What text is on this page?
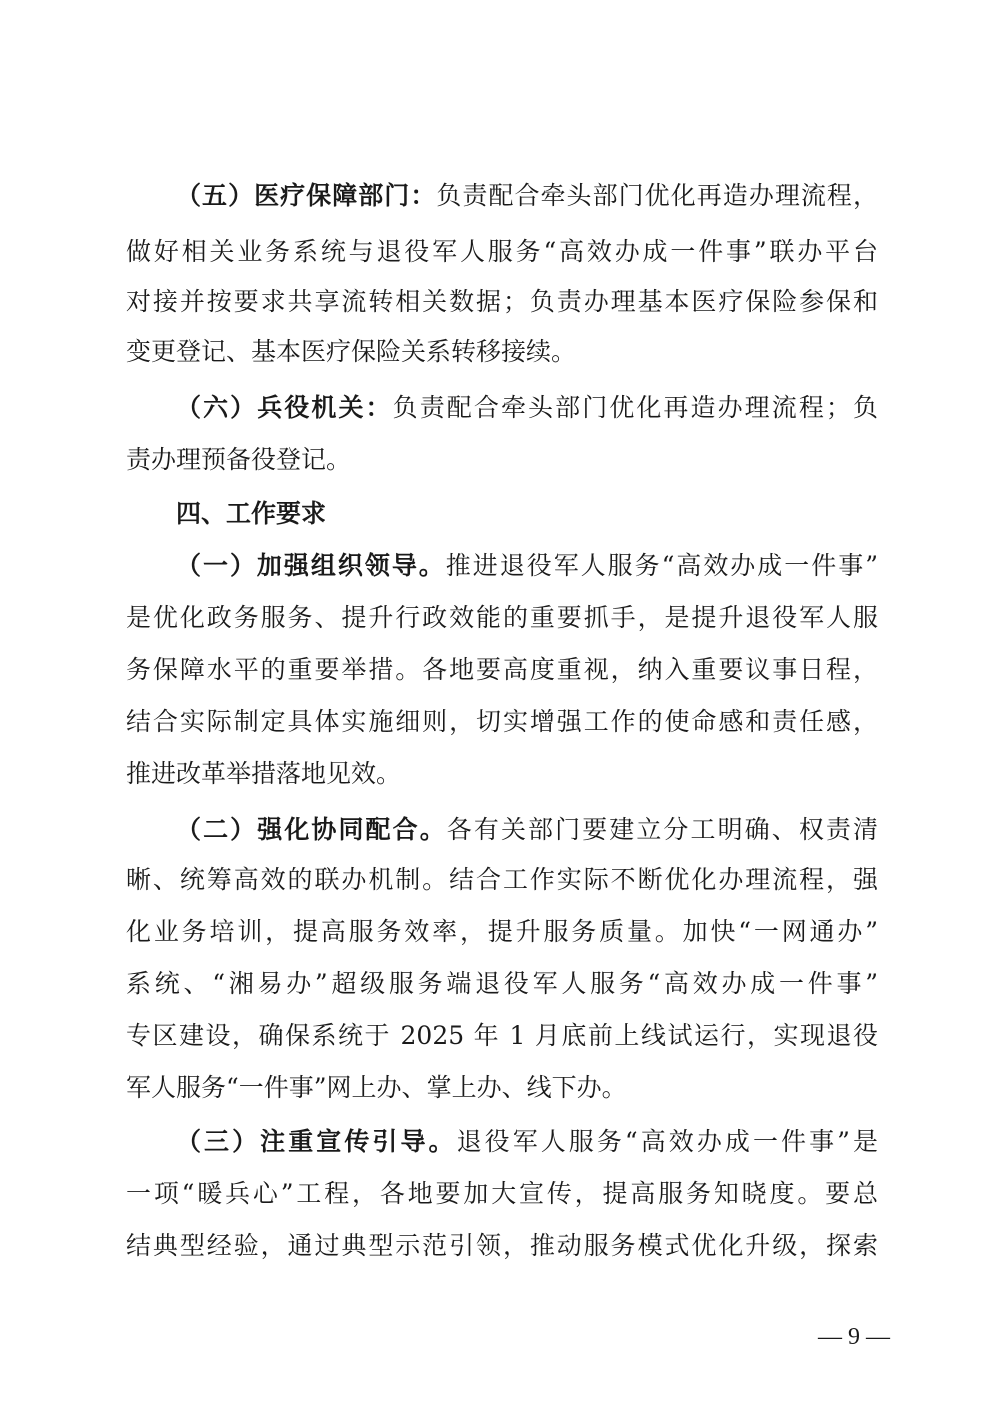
（五）医疗保障部门：负责配合牵头部门优化再造办理流程，
做好相关业务系统与退役军人服务“高效办成一件事”联办平台
对接并按要求共享流转相关数据；负责办理基本医疗保险参保和
变更登记、基本医疗保险关系转移接续。
（六）兵役机关：负责配合牵头部门优化再造办理流程；负
责办理预备役登记。
四、工作要求
（一）加强组织领导。推进退役军人服务“高效办成一件事”
是优化政务服务、提升行政效能的重要抓手，是提升退役军人服
务保障水平的重要举措。各地要高度重视，纳入重要议事日程，
结合实际制定具体实施细则，切实增强工作的使命感和责任感，
推进改革举措落地见效。
（二）强化协同配合。各有关部门要建立分工明确、权责清
晰、统筹高效的联办机制。结合工作实际不断优化办理流程，强
化业务培训，提高服务效率，提升服务质量。加快“一网通办”
系统、“湘易办”超级服务端退役军人服务“高效办成一件事”
专区建设，确保系统于 2025 年 1 月底前上线试运行，实现退役
军人服务“一件事”网上办、掌上办、线下办。
（三）注重宣传引导。退役军人服务“高效办成一件事”是
一项“暖兵心”工程，各地要加大宣传，提高服务知晓度。要总
结典型经验，通过典型示范引领，推动服务模式优化升级，探索
— 9 —
